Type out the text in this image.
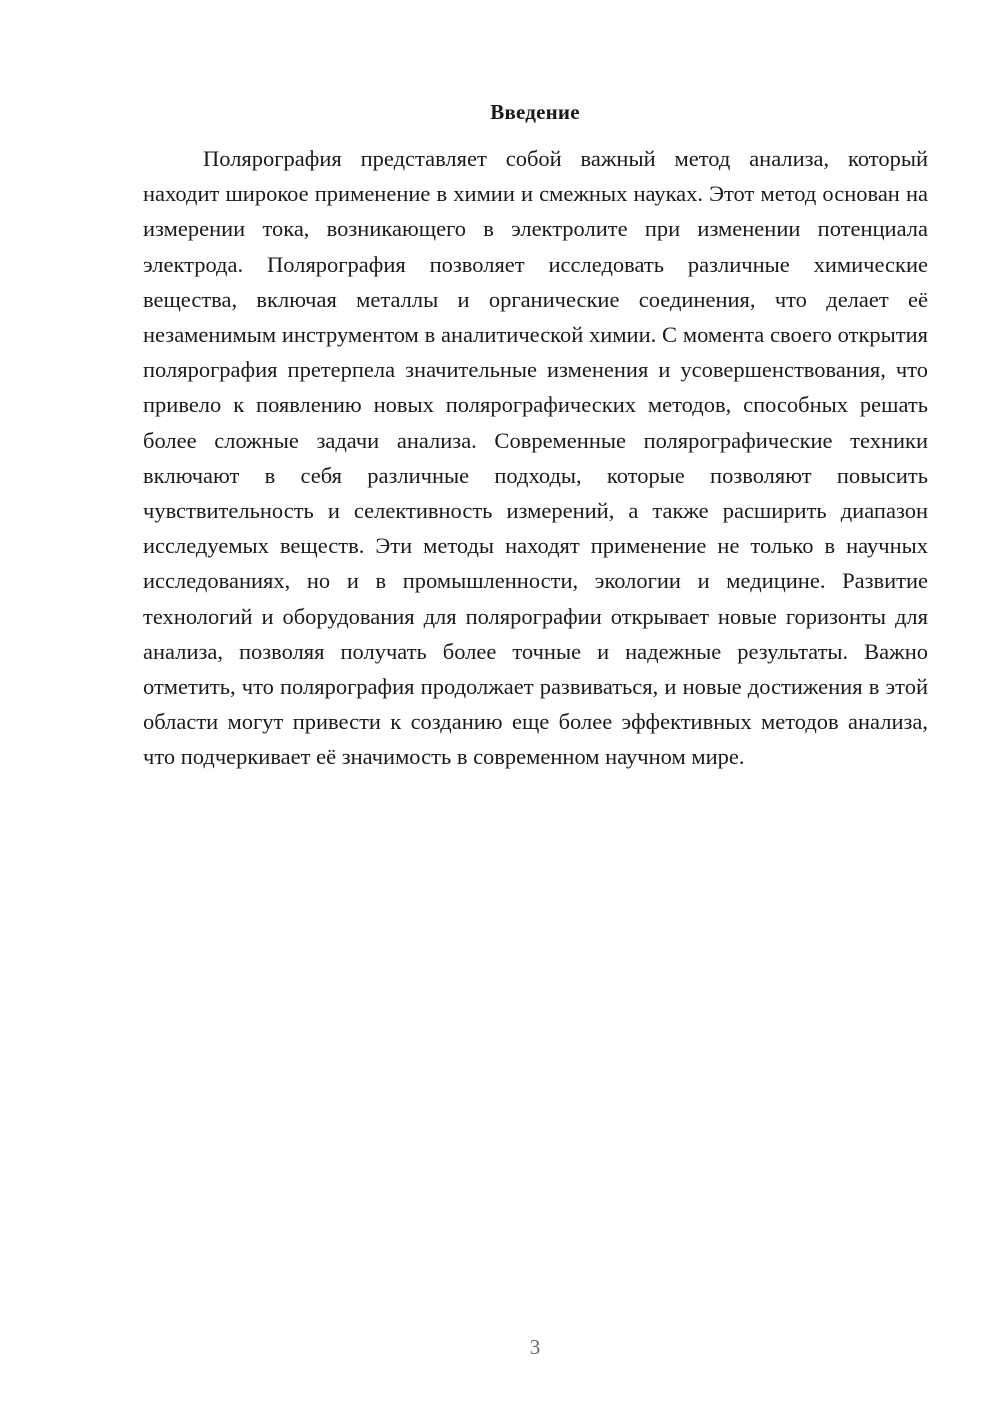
Введение

Полярография представляет собой важный метод анализа, который находит широкое применение в химии и смежных науках. Этот метод основан на измерении тока, возникающего в электролите при изменении потенциала электрода. Полярография позволяет исследовать различные химические вещества, включая металлы и органические соединения, что делает её незаменимым инструментом в аналитической химии. С момента своего открытия полярография претерпела значительные изменения и усовершенствования, что привело к появлению новых полярографических методов, способных решать более сложные задачи анализа. Современные полярографические техники включают в себя различные подходы, которые позволяют повысить чувствительность и селективность измерений, а также расширить диапазон исследуемых веществ. Эти методы находят применение не только в научных исследованиях, но и в промышленности, экологии и медицине. Развитие технологий и оборудования для полярографии открывает новые горизонты для анализа, позволяя получать более точные и надежные результаты. Важно отметить, что полярография продолжает развиваться, и новые достижения в этой области могут привести к созданию еще более эффективных методов анализа, что подчеркивает её значимость в современном научном мире.

3
